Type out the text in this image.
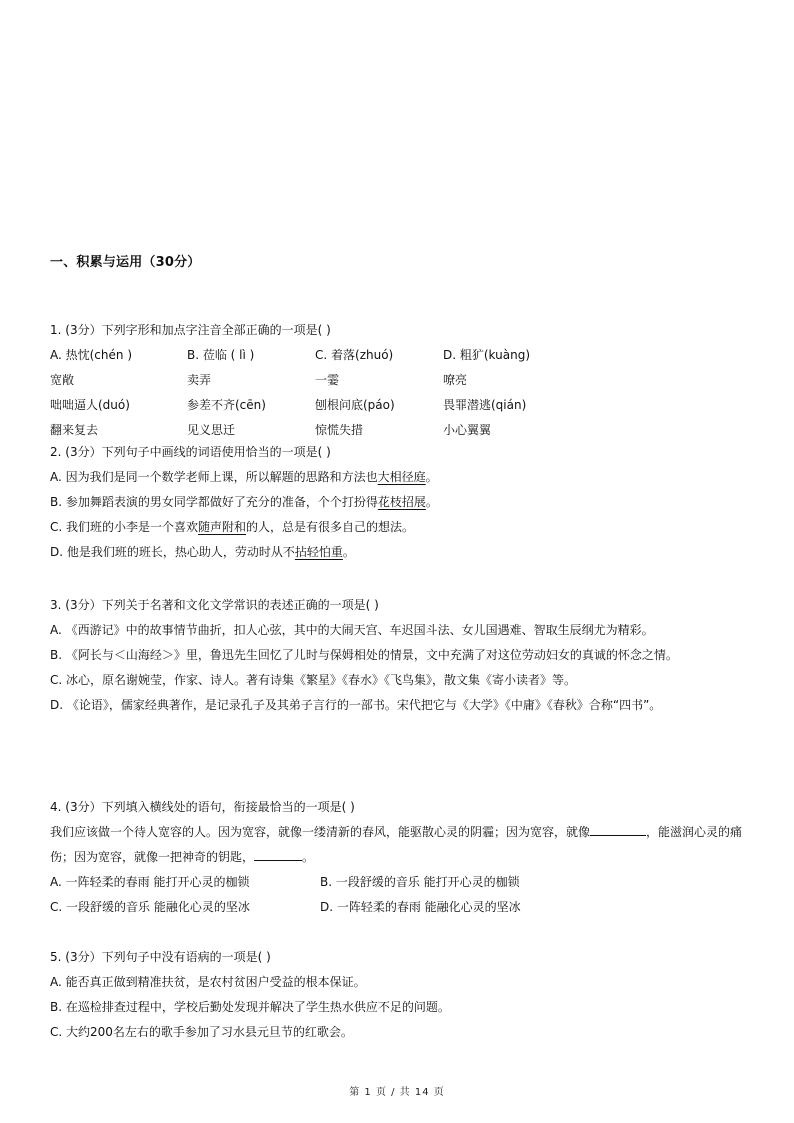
一、积累与运用（30分）
1. (3分）下列字形和加点字注音全部正确的一项是( )
A. 热忱(chén )	B. 莅临 ( lì )	C. 着落(zhuó)	D. 粗犷(kuàng)
宽敞	卖弄	一霎	嘹亮
咄咄逼人(duó)	参差不齐(cēn)	刨根问底(páo)	畏罪潜逃(qián)
翻来复去	见义思迁	惊慌失措	小心翼翼
2. (3分）下列句子中画线的词语使用恰当的一项是( )
A. 因为我们是同一个数学老师上课，所以解题的思路和方法也大相径庭。
B. 参加舞蹈表演的男女同学都做好了充分的准备，个个打扮得花枝招展。
C. 我们班的小李是一个喜欢随声附和的人，总是有很多自己的想法。
D. 他是我们班的班长，热心助人，劳动时从不拈轻怕重。
3. (3分）下列关于名著和文化文学常识的表述正确的一项是( )
A. 《西游记》中的故事情节曲折，扣人心弦，其中的大闹天宫、车迟国斗法、女儿国遇难、智取生辰纲尤为精彩。
B. 《阿长与＜山海经＞》里，鲁迅先生回忆了儿时与保姆相处的情景，文中充满了对这位劳动妇女的真诚的怀念之情。
C. 冰心，原名谢婉莹，作家、诗人。著有诗集《繁星》《春水》《飞鸟集》，散文集《寄小读者》等。
D. 《论语》，儒家经典著作，是记录孔子及其弟子言行的一部书。宋代把它与《大学》《中庸》《春秋》合称“四书”。
4. (3分）下列填入横线处的语句，衔接最恰当的一项是( )
我们应该做一个待人宽容的人。因为宽容，就像一缕清新的春风，能驱散心灵的阴霾；因为宽容，就像	，能滋润心灵的痛伤；因为宽容，就像一把神奇的钥匙，	。
A. 一阵轻柔的春雨 能打开心灵的枷锁	B. 一段舒缓的音乐 能打开心灵的枷锁
C. 一段舒缓的音乐 能融化心灵的坚冰	D. 一阵轻柔的春雨 能融化心灵的坚冰
5. (3分）下列句子中没有语病的一项是( )
A. 能否真正做到精准扶贫，是农村贫困户受益的根本保证。
B. 在巡检排查过程中，学校后勤处发现并解决了学生热水供应不足的问题。
C. 大约200名左右的歌手参加了习水县元旦节的红歌会。
第 1 页 / 共 14 页
